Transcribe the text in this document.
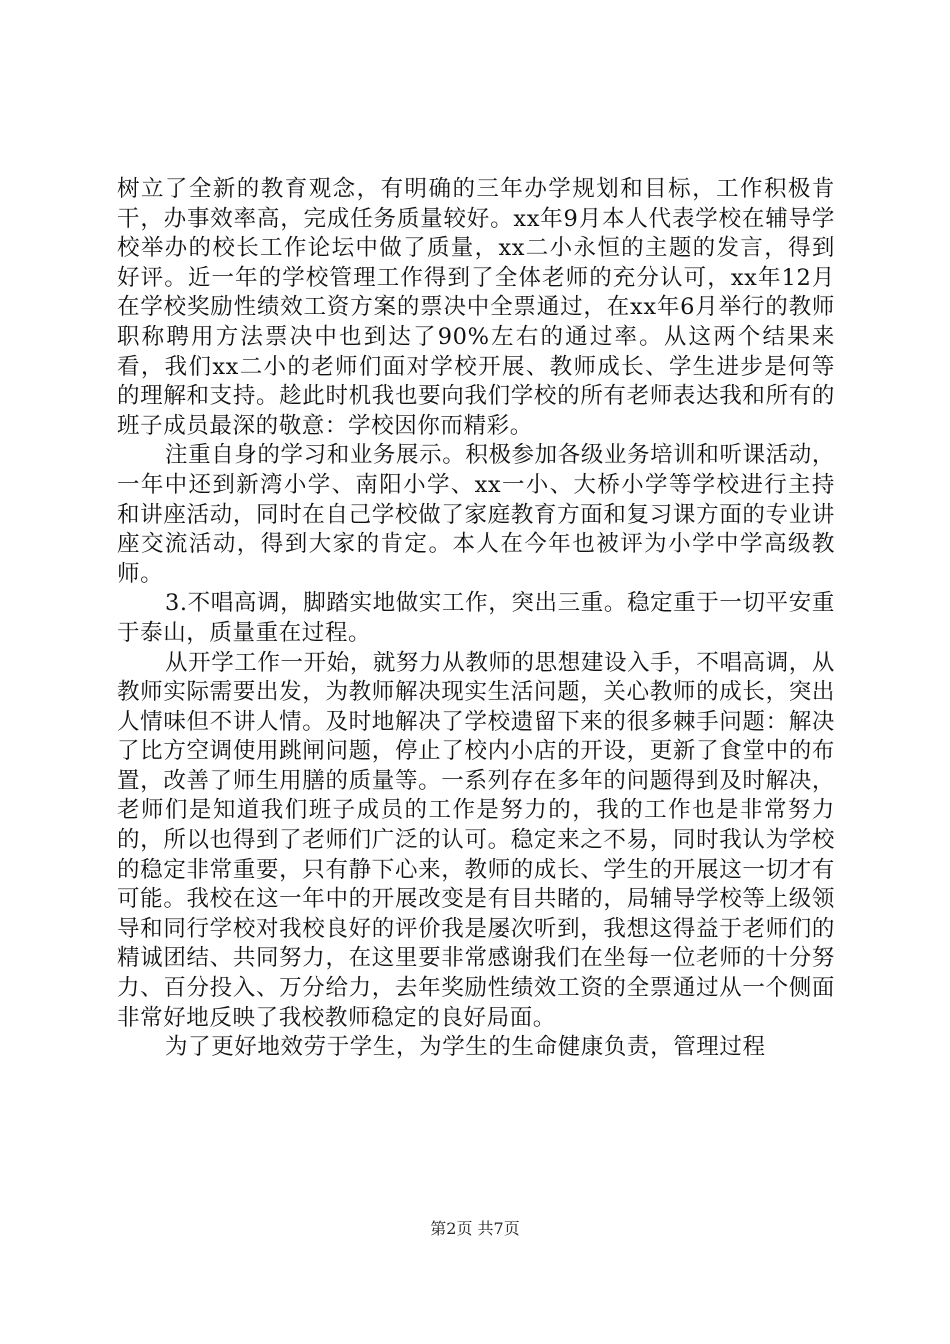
树立了全新的教育观念，有明确的三年办学规划和目标，工作积极肯干，办事效率高，完成任务质量较好。xx年9月本人代表学校在辅导学校举办的校长工作论坛中做了质量，xx二小永恒的主题的发言，得到好评。近一年的学校管理工作得到了全体老师的充分认可，xx年12月在学校奖励性绩效工资方案的票决中全票通过，在xx年6月举行的教师职称聘用方法票决中也到达了90%左右的通过率。从这两个结果来看，我们xx二小的老师们面对学校开展、教师成长、学生进步是何等的理解和支持。趁此时机我也要向我们学校的所有老师表达我和所有的班子成员最深的敬意：学校因你而精彩。

注重自身的学习和业务展示。积极参加各级业务培训和听课活动，一年中还到新湾小学、南阳小学、xx一小、大桥小学等学校进行主持和讲座活动，同时在自己学校做了家庭教育方面和复习课方面的专业讲座交流活动，得到大家的肯定。本人在今年也被评为小学中学高级教师。

3.不唱高调，脚踏实地做实工作，突出三重。稳定重于一切平安重于泰山，质量重在过程。

从开学工作一开始，就努力从教师的思想建设入手，不唱高调，从教师实际需要出发，为教师解决现实生活问题，关心教师的成长，突出人情味但不讲人情。及时地解决了学校遗留下来的很多棘手问题：解决了比方空调使用跳闸问题，停止了校内小店的开设，更新了食堂中的布置，改善了师生用膳的质量等。一系列存在多年的问题得到及时解决，老师们是知道我们班子成员的工作是努力的，我的工作也是非常努力的，所以也得到了老师们广泛的认可。稳定来之不易，同时我认为学校的稳定非常重要，只有静下心来，教师的成长、学生的开展这一切才有可能。我校在这一年中的开展改变是有目共睹的，局辅导学校等上级领导和同行学校对我校良好的评价我是屡次听到，我想这得益于老师们的精诚团结、共同努力，在这里要非常感谢我们在坐每一位老师的十分努力、百分投入、万分给力，去年奖励性绩效工资的全票通过从一个侧面非常好地反映了我校教师稳定的良好局面。

为了更好地效劳于学生，为学生的生命健康负责，管理过程

第2页 共7页
